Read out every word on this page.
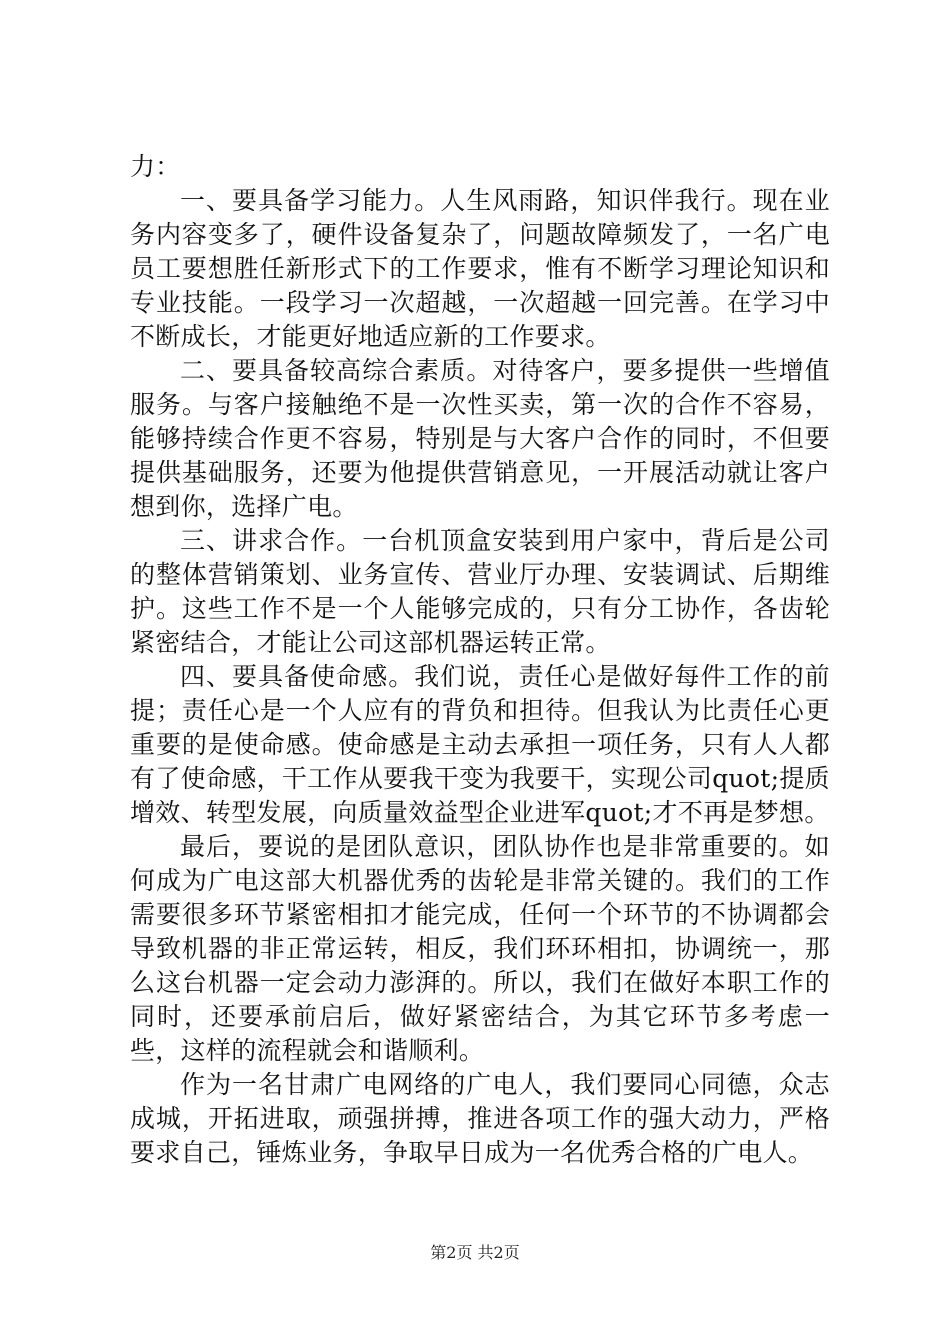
力：

一、要具备学习能力。人生风雨路，知识伴我行。现在业务内容变多了，硬件设备复杂了，问题故障频发了，一名广电员工要想胜任新形式下的工作要求，惟有不断学习理论知识和专业技能。一段学习一次超越，一次超越一回完善。在学习中不断成长，才能更好地适应新的工作要求。

二、要具备较高综合素质。对待客户，要多提供一些增值服务。与客户接触绝不是一次性买卖，第一次的合作不容易，能够持续合作更不容易，特别是与大客户合作的同时，不但要提供基础服务，还要为他提供营销意见，一开展活动就让客户想到你，选择广电。

三、讲求合作。一台机顶盒安装到用户家中，背后是公司的整体营销策划、业务宣传、营业厅办理、安装调试、后期维护。这些工作不是一个人能够完成的，只有分工协作，各齿轮紧密结合，才能让公司这部机器运转正常。

四、要具备使命感。我们说，责任心是做好每件工作的前提；责任心是一个人应有的背负和担待。但我认为比责任心更重要的是使命感。使命感是主动去承担一项任务，只有人人都有了使命感，干工作从要我干变为我要干，实现公司quot;提质增效、转型发展，向质量效益型企业进军quot;才不再是梦想。

最后，要说的是团队意识，团队协作也是非常重要的。如何成为广电这部大机器优秀的齿轮是非常关键的。我们的工作需要很多环节紧密相扣才能完成，任何一个环节的不协调都会导致机器的非正常运转，相反，我们环环相扣，协调统一，那么这台机器一定会动力澎湃的。所以，我们在做好本职工作的同时，还要承前启后，做好紧密结合，为其它环节多考虑一些，这样的流程就会和谐顺利。

作为一名甘肃广电网络的广电人，我们要同心同德，众志成城，开拓进取，顽强拼搏，推进各项工作的强大动力，严格要求自己，锤炼业务，争取早日成为一名优秀合格的广电人。

第2页 共2页
